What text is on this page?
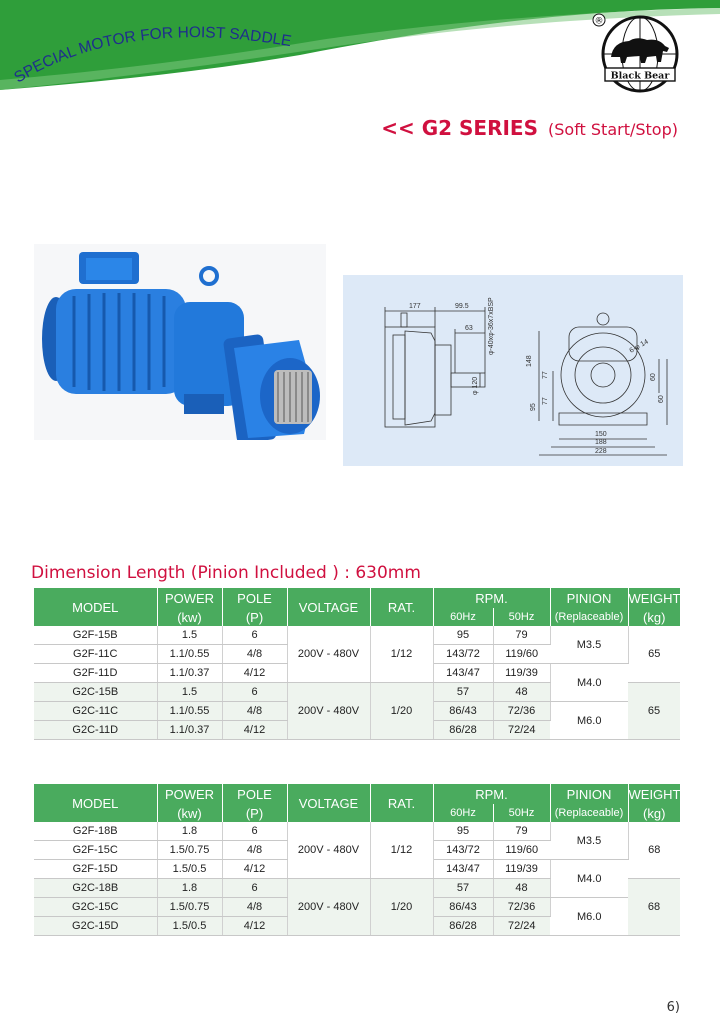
SPECIAL MOTOR FOR HOIST SADDLE
Black Bear
®
<< G2 SERIES (Soft Start/Stop)
177	99.5
63 φ-40xφ-36x7xBSP
φ 120
148
77
77
95
6-φ 14
60
60
150
188
228
Dimension Length (Pinion Included ) : 630mm
MODEL	POWER	POLE	VOLTAGE	RAT.	RPM.		PINION	WEIGHT
	(kw)	(P)			60Hz	50Hz	(Replaceable)	(kg)
G2F-15B	1.5	6	200V - 480V	1/12	95	79	M3.5	65
G2F-11C	1.1/0.55	4/8			143/72	119/60		
G2F-11D	1.1/0.37	4/12			143/47	119/39	M4.0	
G2C-15B	1.5	6	200V - 480V	1/20	57	48		65
G2C-11C	1.1/0.55	4/8			86/43	72/36	M6.0	
G2C-11D	1.1/0.37	4/12			86/28	72/24		
MODEL	POWER	POLE	VOLTAGE	RAT.	RPM.		PINION	WEIGHT
	(kw)	(P)			60Hz	50Hz	(Replaceable)	(kg)
G2F-18B	1.8	6	200V - 480V	1/12	95	79	M3.5	68
G2F-15C	1.5/0.75	4/8			143/72	119/60		
G2F-15D	1.5/0.5	4/12			143/47	119/39	M4.0	
G2C-18B	1.8	6	200V - 480V	1/20	57	48		68
G2C-15C	1.5/0.75	4/8			86/43	72/36	M6.0	
G2C-15D	1.5/0.5	4/12			86/28	72/24		
6)
